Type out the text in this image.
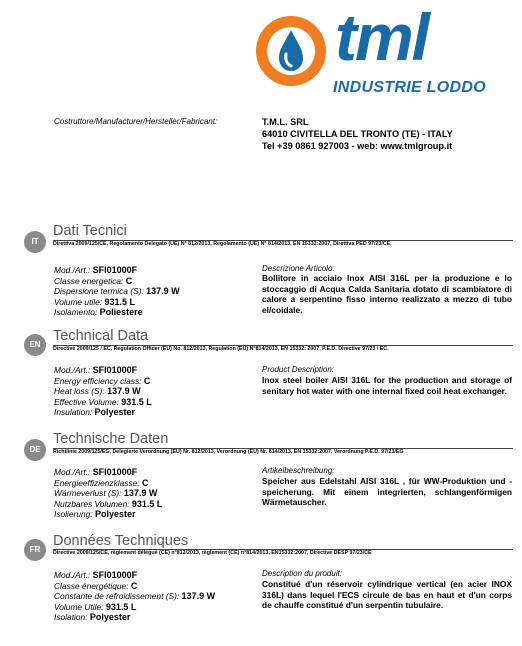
tml
INDUSTRIE LODDO
Costruttore/Manufacturer/Hersteller/Fabricant:	T.M.L. SRL
64010 CIVITELLA DEL TRONTO (TE) - ITALY
Tel +39 0861 927003 - web: www.tmlgroup.it
IT
Dati Tecnici
Direttiva 2009/125/CE, Regolamento Delegato (UE) N° 812/2013, Regolamento (UE) N° 814/2013, EN 15332:2007, Direttiva PED 97/23/CE.
Mod./Art.: SFI01000F
Classe energetica: C
Dispersione termica (S): 137.9 W
Volume utile: 931.5 L
Isolamento: Poliestere
Descrizione Articolo:
Bollitore in acciaio Inox AISI 316L per la produzione e lo stoccaggio di Acqua Calda Sanitaria dotato di scambiatore di calore a serpentino fisso interno realizzato a mezzo di tubo el/coidale.
EN
Technical Data
Directive 2009/125 / EC, Regulation Officer (EU) No. 812/2013, Regulation (EU) N°814/2013, EN 15332: 2007, P.E.D. Directive 97/23 / EC.
Mod./Art.: SFI01000F
Energy efficiency class: C
Heat loss (S): 137.9 W
Effective Volume: 931.5 L
Insulation: Polyester
Product Description:
Inox steel boiler AISI 316L for the production and storage of senitary hot water with one internal fixed coil heat exchanger.
DE
Technische Daten
Richtlinie 2009/125/EG, Delegierte Verordnung (EU) Nr. 812/2013, Verordnung (EU) Nr. 814/2013, EN 15332:2007, Verordnung P.E.D. 97/23/EG
Mod./Art.: SFI01000F
Energieeffizienzklasse: C
Wärmeverlust (S): 137.9 W
Nutzbares Volumen: 931.5 L
Isolierung: Polyester
Artikelbeschreibung:
Speicher aus Edelstahl AISI 316L , für WW-Produktion und - speicherung. Mit einem integrierten, schlangenförmigen Wärmetauscher.
FR
Données Techniques
Directive 2009/125/CE, règlement délégué (CE) n°812/2013, règlement (CE) n°814/2013, EN15332:2007, Directive DESP 97/23/CE
Mod./Art.: SFI01000F
Classe énergétique: C
Constante de refroidissement (S): 137.9 W
Volume Utile: 931.5 L
Isolation: Polyester
Description du produit:
Constitué d'un réservoir cylindrique vertical (en acier INOX 316L) dans lequel l'ECS circule de bas en haut et d'un corps de chauffe constitué d'un serpentin tubulaire.
